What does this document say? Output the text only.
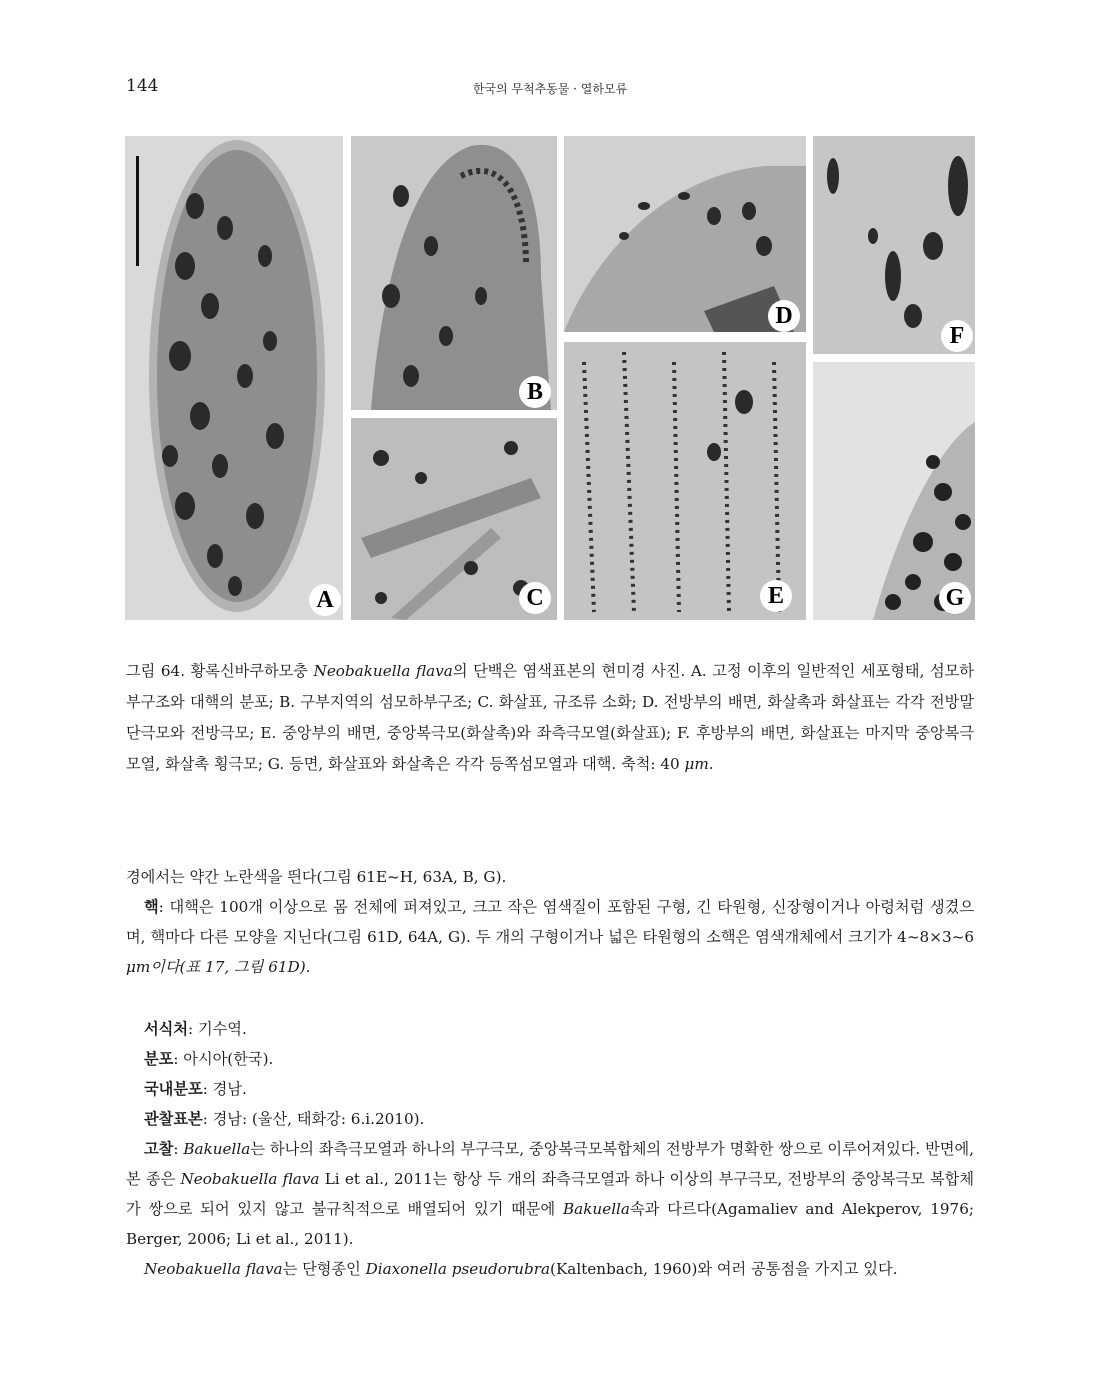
144	한국의 무척추동물 · 열하모류
A
B
C
D
E
F
G
그림 64. 황록신바쿠하모충 Neobakuella flava의 단백은 염색표본의 현미경 사진. A. 고정 이후의 일반적인 세포형태, 섬모하부구조와 대핵의 분포; B. 구부지역의 섬모하부구조; C. 화살표, 규조류 소화; D. 전방부의 배면, 화살촉과 화살표는 각각 전방말단극모와 전방극모; E. 중앙부의 배면, 중앙복극모(화살촉)와 좌측극모열(화살표); F. 후방부의 배면, 화살표는 마지막 중앙복극모열, 화살촉 횡극모; G. 등면, 화살표와 화살촉은 각각 등쪽섬모열과 대핵. 축척: 40 μm.

경에서는 약간 노란색을 띈다(그림 61E~H, 63A, B, G).

핵: 대핵은 100개 이상으로 몸 전체에 퍼져있고, 크고 작은 염색질이 포함된 구형, 긴 타원형, 신장형이거나 아령처럼 생겼으며, 핵마다 다른 모양을 지닌다(그림 61D, 64A, G). 두 개의 구형이거나 넓은 타원형의 소핵은 염색개체에서 크기가 4~8×3~6 μm이다(표 17, 그림 61D).

서식처: 기수역.

분포: 아시아(한국).

국내분포: 경남.

관찰표본: 경남: (울산, 태화강: 6.i.2010).

고찰: Bakuella는 하나의 좌측극모열과 하나의 부구극모, 중앙복극모복합체의 전방부가 명확한 쌍으로 이루어져있다. 반면에, 본 종은 Neobakuella flava Li et al., 2011는 항상 두 개의 좌측극모열과 하나 이상의 부구극모, 전방부의 중앙복극모 복합체가 쌍으로 되어 있지 않고 불규칙적으로 배열되어 있기 때문에 Bakuella속과 다르다(Agamaliev and Alekperov, 1976; Berger, 2006; Li et al., 2011).

Neobakuella flava는 단형종인 Diaxonella pseudorubra(Kaltenbach, 1960)와 여러 공통점을 가지고 있다.
